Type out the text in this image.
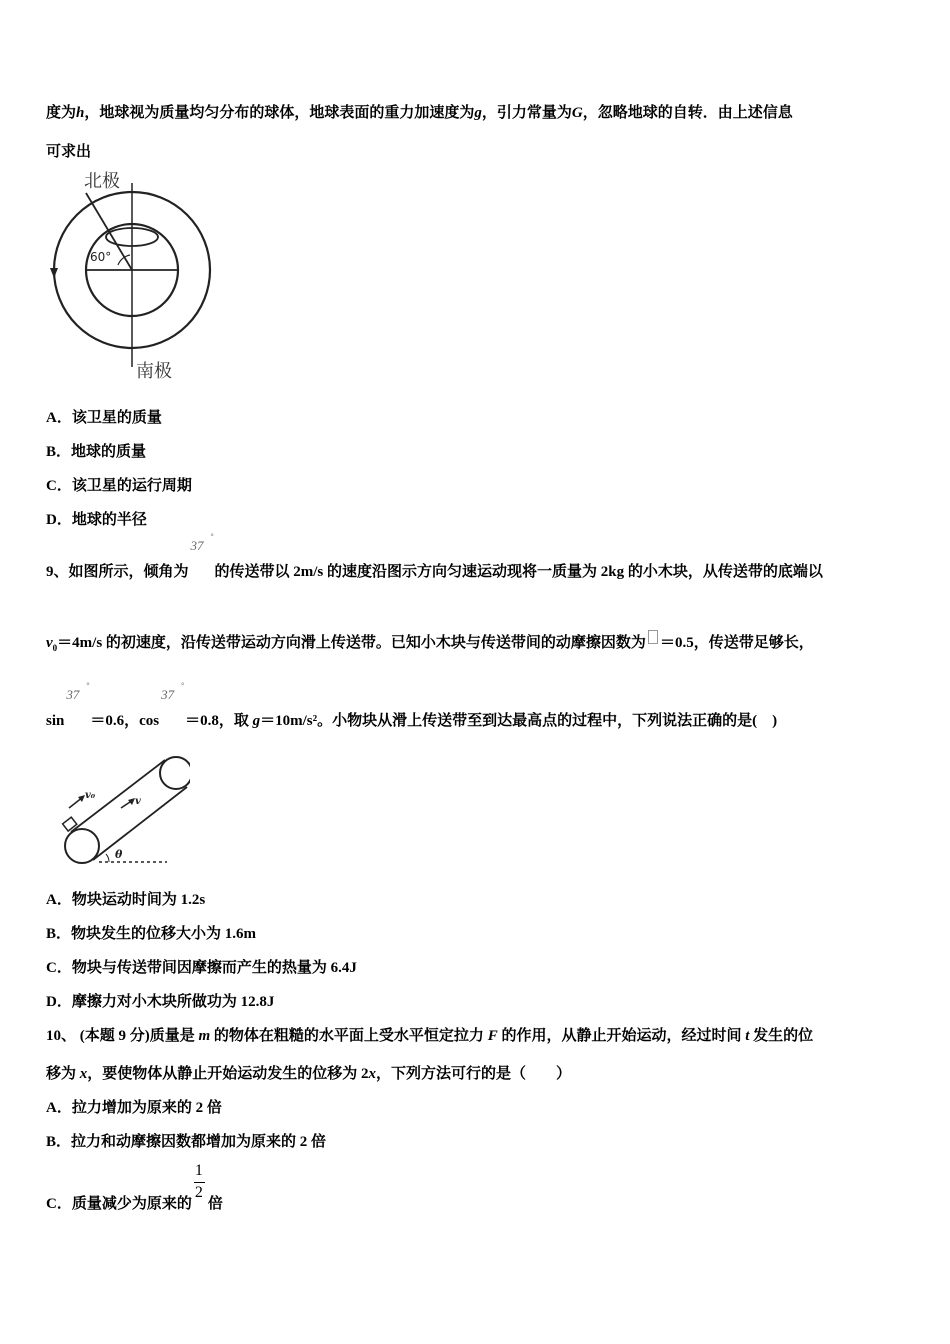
度为h，地球视为质量均匀分布的球体，地球表面的重力加速度为g，引力常量为G，忽略地球的自转．由上述信息
可求出
北极
60°
南极
A．该卫星的质量
B．地球的质量
C．该卫星的运行周期
D．地球的半径
9、如图所示，倾角为
37
°
的传送带以 2m/s 的速度沿图示方向匀速运动现将一质量为 2kg 的小木块，从传送带的底端以
$v_0=4m/s$ 的初速度，沿传送带运动方向滑上传送带。已知小木块与传送带间的动摩擦因数为 ＝0.5，传送带足够长，
sin
37
°
＝0.6，cos
37
°
＝0.8，取 g＝10m/s²。小物块从滑上传送带至到达最高点的过程中，下列说法正确的是(　)
v₀
v
θ
A．物块运动时间为 1.2s
B．物块发生的位移大小为 1.6m
C．物块与传送带间因摩擦而产生的热量为 6.4J
D．摩擦力对小木块所做功为 12.8J
10、 (本题 9 分)质量是 m 的物体在粗糙的水平面上受水平恒定拉力 F 的作用，从静止开始运动，经过时间 t 发生的位
移为 x，要使物体从静止开始运动发生的位移为 2x，下列方法可行的是（　　）
A．拉力增加为原来的 2 倍
B．拉力和动摩擦因数都增加为原来的 2 倍
C．质量减少为原来的 $\frac{1}{2}$ 倍
